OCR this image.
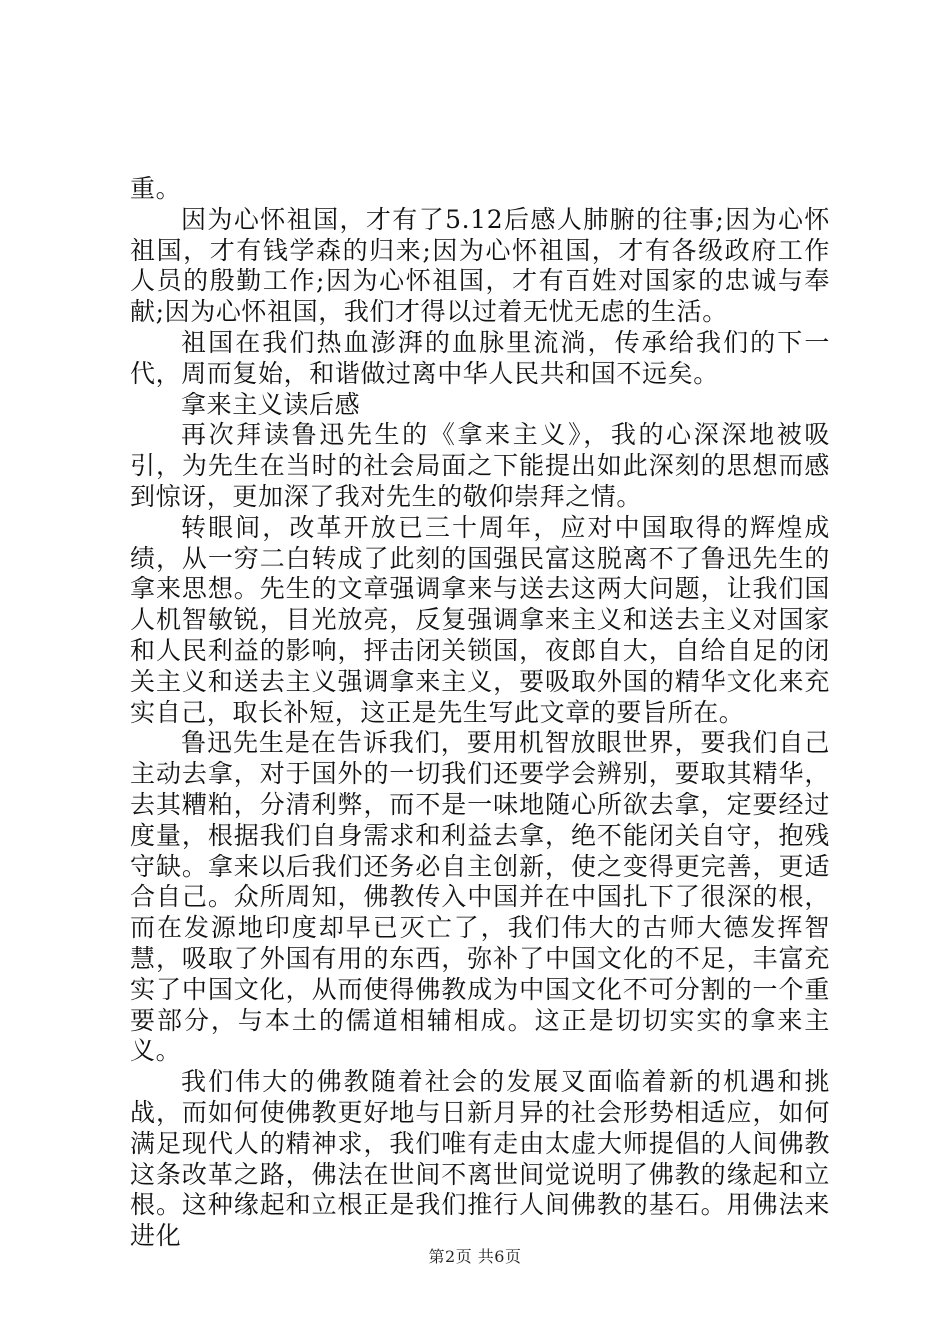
重。

因为心怀祖国，才有了5.12后感人肺腑的往事;因为心怀祖国，才有钱学森的归来;因为心怀祖国，才有各级政府工作人员的殷勤工作;因为心怀祖国，才有百姓对国家的忠诚与奉献;因为心怀祖国，我们才得以过着无忧无虑的生活。

祖国在我们热血澎湃的血脉里流淌，传承给我们的下一代，周而复始，和谐做过离中华人民共和国不远矣。

拿来主义读后感

再次拜读鲁迅先生的《拿来主义》，我的心深深地被吸引，为先生在当时的社会局面之下能提出如此深刻的思想而感到惊讶，更加深了我对先生的敬仰崇拜之情。

转眼间，改革开放已三十周年，应对中国取得的辉煌成绩，从一穷二白转成了此刻的国强民富这脱离不了鲁迅先生的拿来思想。先生的文章强调拿来与送去这两大问题，让我们国人机智敏锐，目光放亮，反复强调拿来主义和送去主义对国家和人民利益的影响，抨击闭关锁国，夜郎自大，自给自足的闭关主义和送去主义强调拿来主义，要吸取外国的精华文化来充实自己，取长补短，这正是先生写此文章的要旨所在。

鲁迅先生是在告诉我们，要用机智放眼世界，要我们自己主动去拿，对于国外的一切我们还要学会辨别，要取其精华，去其糟粕，分清利弊，而不是一味地随心所欲去拿，定要经过度量，根据我们自身需求和利益去拿，绝不能闭关自守，抱残守缺。拿来以后我们还务必自主创新，使之变得更完善，更适合自己。众所周知，佛教传入中国并在中国扎下了很深的根，而在发源地印度却早已灭亡了，我们伟大的古师大德发挥智慧，吸取了外国有用的东西，弥补了中国文化的不足，丰富充实了中国文化，从而使得佛教成为中国文化不可分割的一个重要部分，与本土的儒道相辅相成。这正是切切实实的拿来主义。

我们伟大的佛教随着社会的发展叉面临着新的机遇和挑战，而如何使佛教更好地与日新月异的社会形势相适应，如何满足现代人的精神求，我们唯有走由太虚大师提倡的人间佛教这条改革之路，佛法在世间不离世间觉说明了佛教的缘起和立根。这种缘起和立根正是我们推行人间佛教的基石。用佛法来进化

第2页 共6页
